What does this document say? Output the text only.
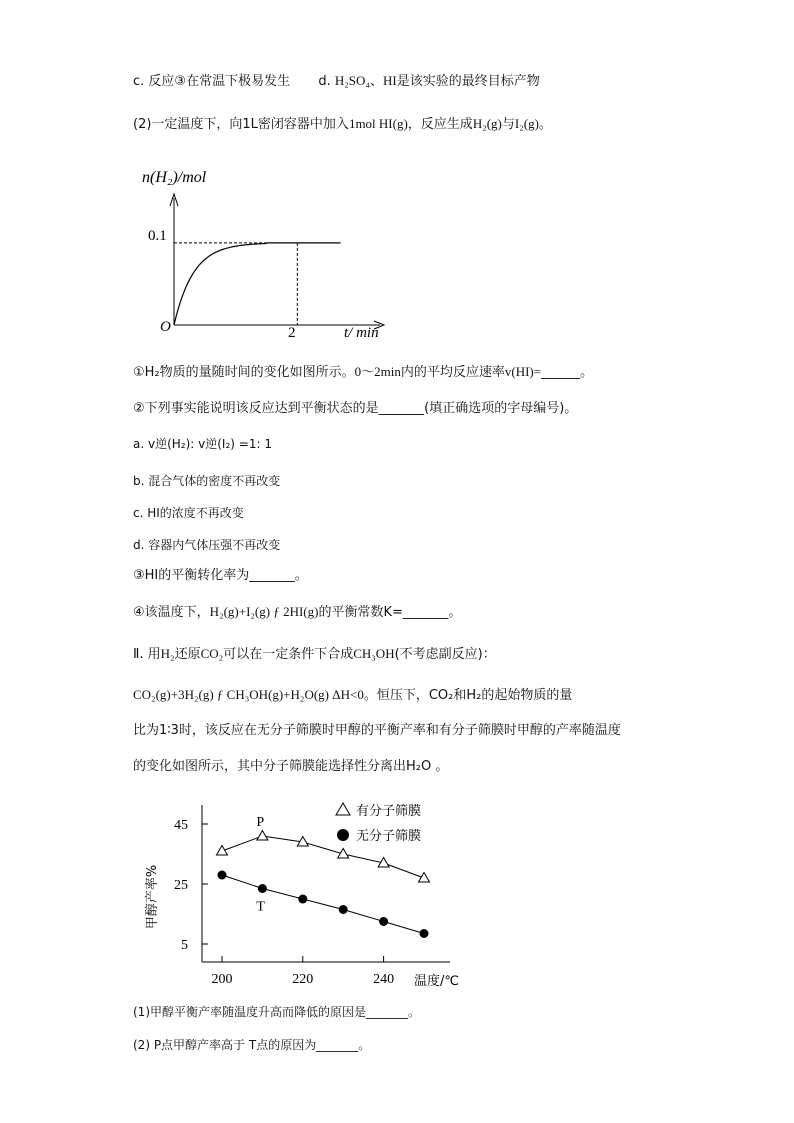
c. 反应③在常温下极易发生 d. H₂SO₄、HI是该实验的最终目标产物
(2)一定温度下，向1L密闭容器中加入1mol HI(g)，反应生成H₂(g)与I₂(g)。
n(H₂)/mol
0.1
O	2	t/ min
①H₂物质的量随时间的变化如图所示。0～2min内的平均反应速率v(HI)=______。
②下列事实能说明该反应达到平衡状态的是_______(填正确选项的字母编号)。
a. v逆(H₂): v逆(I₂) =1: 1
b. 混合气体的密度不再改变
c. HI的浓度不再改变
d. 容器内气体压强不再改变
③HI的平衡转化率为_______。
④该温度下，H₂(g)+I₂(g) ƒ 2HI(g)的平衡常数K=_______。
Ⅱ. 用H₂还原CO₂可以在一定条件下合成CH₃OH(不考虑副反应)：
CO₂(g)+3H₂(g) ƒ CH₃OH(g)+H₂O(g) ΔH<0。恒压下，CO₂和H₂的起始物质的量
比为1∶3时，该反应在无分子筛膜时甲醇的平衡产率和有分子筛膜时甲醇的产率随温度
的变化如图所示，其中分子筛膜能选择性分离出H₂O 。
甲醇产率%
45
25
5
200	220	240 温度/℃
P
T
有分子筛膜
无分子筛膜
(1)甲醇平衡产率随温度升高而降低的原因是_______。
(2) P点甲醇产率高于 T点的原因为_______。
